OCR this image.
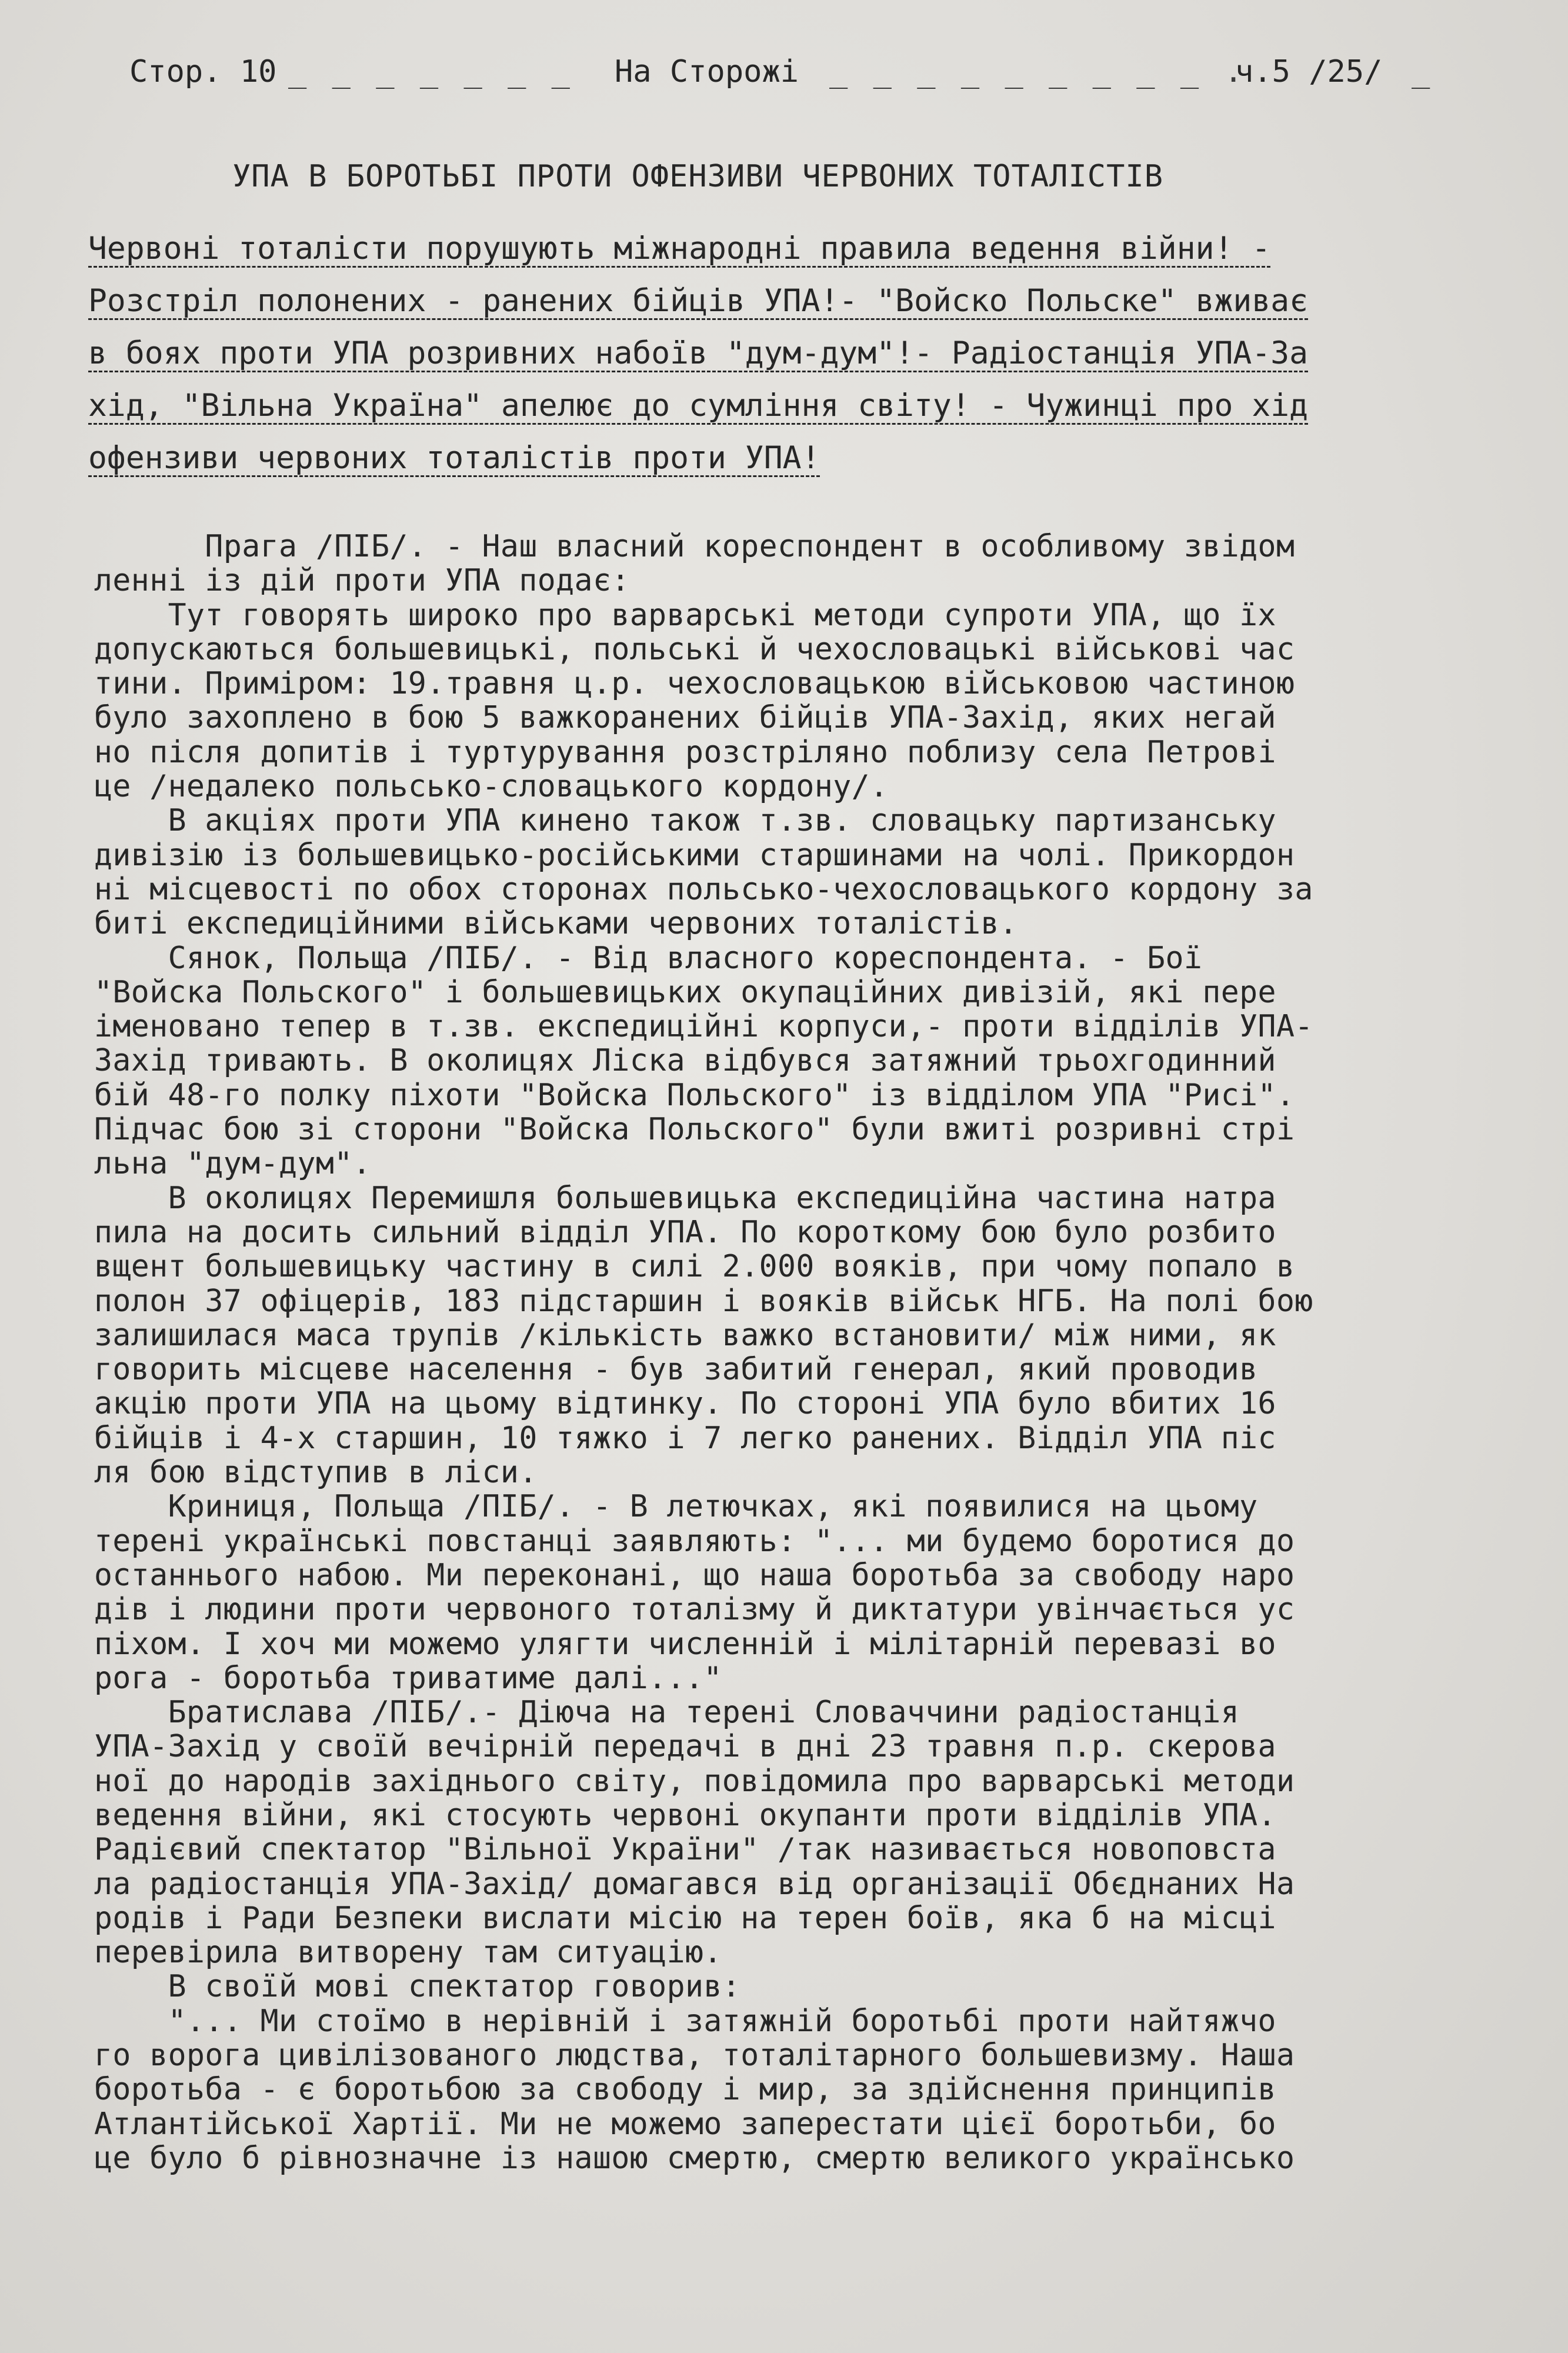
Стор. 10 _ _ _ _ _ _ _ На Сторожі _ _ _ _ _ _ _ _ _ .
ч.5 /25/ _
УПА В БОРОТЬБІ ПРОТИ ОФЕНЗИВИ ЧЕРВОНИХ ТОТАЛІСТІВ
Червоні тоталісти порушують міжнародні правила ведення війни! -
Розстріл полонених - ранених бійців УПА!- "Войско Польске" вживає
в боях проти УПА розривних набоїв "дум-дум"!- Радіостанція УПА-За
хід, "Вільна Україна" апелює до сумління світу! - Чужинці про хід
офензиви червоних тоталістів проти УПА!
Прага /ПІБ/. - Наш власний кореспондент в особливому звідом
ленні із дій проти УПА подає:
Тут говорять широко про варварські методи супроти УПА, що їх
допускаються большевицькі, польські й чехословацькі військові час
тини. Приміром: 19.травня ц.р. чехословацькою військовою частиною
було захоплено в бою 5 важкоранених бійців УПА-Захід, яких негай
но після допитів і туртурування розстріляно поблизу села Петрові
це /недалеко польсько-словацького кордону/.
В акціях проти УПА кинено також т.зв. словацьку партизанську
дивізію із большевицько-російськими старшинами на чолі. Прикордон
ні місцевості по обох сторонах польсько-чехословацького кордону за
биті експедиційними військами червоних тоталістів.
Сянок, Польща /ПІБ/. - Від власного кореспондента. - Бої
"Войска Польского" і большевицьких окупаційних дивізій, які пере
іменовано тепер в т.зв. експедиційні корпуси,- проти відділів УПА-
Захід тривають. В околицях Ліска відбувся затяжний трьохгодинний
бій 48-го полку піхоти "Войска Польского" із відділом УПА "Рисі".
Підчас бою зі сторони "Войска Польского" були вжиті розривні стрі
льна "дум-дум".
В околицях Перемишля большевицька експедиційна частина натра
пила на досить сильний відділ УПА. По короткому бою було розбито
вщент большевицьку частину в силі 2.000 вояків, при чому попало в
полон 37 офіцерів, 183 підстаршин і вояків військ НГБ. На полі бою
залишилася маса трупів /кількість важко встановити/ між ними, як
говорить місцеве населення - був забитий генерал, який проводив
акцію проти УПА на цьому відтинку. По стороні УПА було вбитих 16
бійців і 4-х старшин, 10 тяжко і 7 легко ранених. Відділ УПА піс
ля бою відступив в ліси.
Криниця, Польща /ПІБ/. - В летючках, які появилися на цьому
терені українські повстанці заявляють: "... ми будемо боротися до
останнього набою. Ми переконані, що наша боротьба за свободу наро
дів і людини проти червоного тоталізму й диктатури увінчається ус
піхом. І хоч ми можемо улягти численній і мілітарній перевазі во
рога - боротьба триватиме далі..."
Братислава /ПІБ/.- Діюча на терені Словаччини радіостанція
УПА-Захід у своїй вечірній передачі в дні 23 травня п.р. скерова
ної до народів західнього світу, повідомила про варварські методи
ведення війни, які стосують червоні окупанти проти відділів УПА.
Радієвий спектатор "Вільної України" /так називається новоповста
ла радіостанція УПА-Захід/ домагався від організації Обєднаних На
родів і Ради Безпеки вислати місію на терен боїв, яка б на місці
перевірила витворену там ситуацію.
В своїй мові спектатор говорив:
"... Ми стоїмо в нерівній і затяжній боротьбі проти найтяжчо
го ворога цивілізованого людства, тоталітарного большевизму. Наша
боротьба - є боротьбою за свободу і мир, за здійснення принципів
Атлантійської Хартії. Ми не можемо заперестати цієї боротьби, бо
це було б рівнозначне із нашою смертю, смертю великого українсько
